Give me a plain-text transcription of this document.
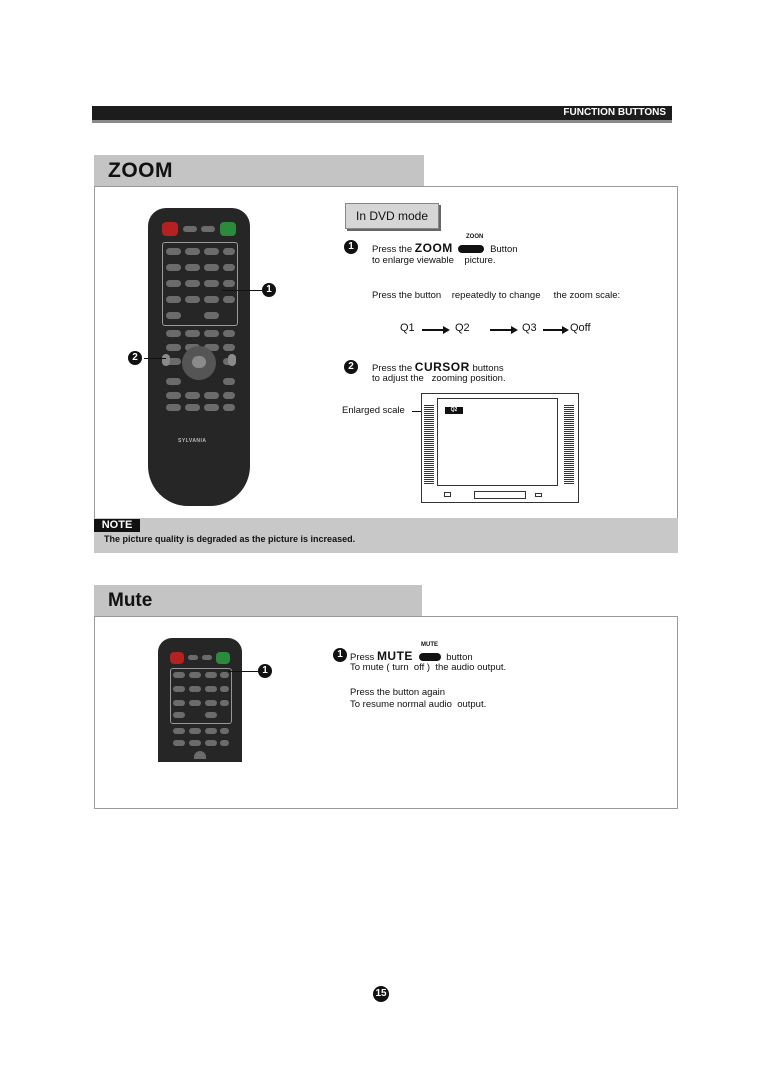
FUNCTION BUTTONS
ZOOM
SYLVANIA
1
2
In DVD mode
1
ZOON
Press the ZOOM	Button
to enlarge viewable    picture.
Press the button    repeatedly to change     the zoom scale:
Q1	Q2	Q3	Qoff
2	Press the CURSOR buttons
to adjust the   zooming position.
Enlarged scale	Q2
NOTE
The picture quality is degraded as the picture is increased.
Mute
1
1
MUTE
Press MUTE	button
To mute ( turn  off )  the audio output.
Press the button again
To resume normal audio  output.
15
